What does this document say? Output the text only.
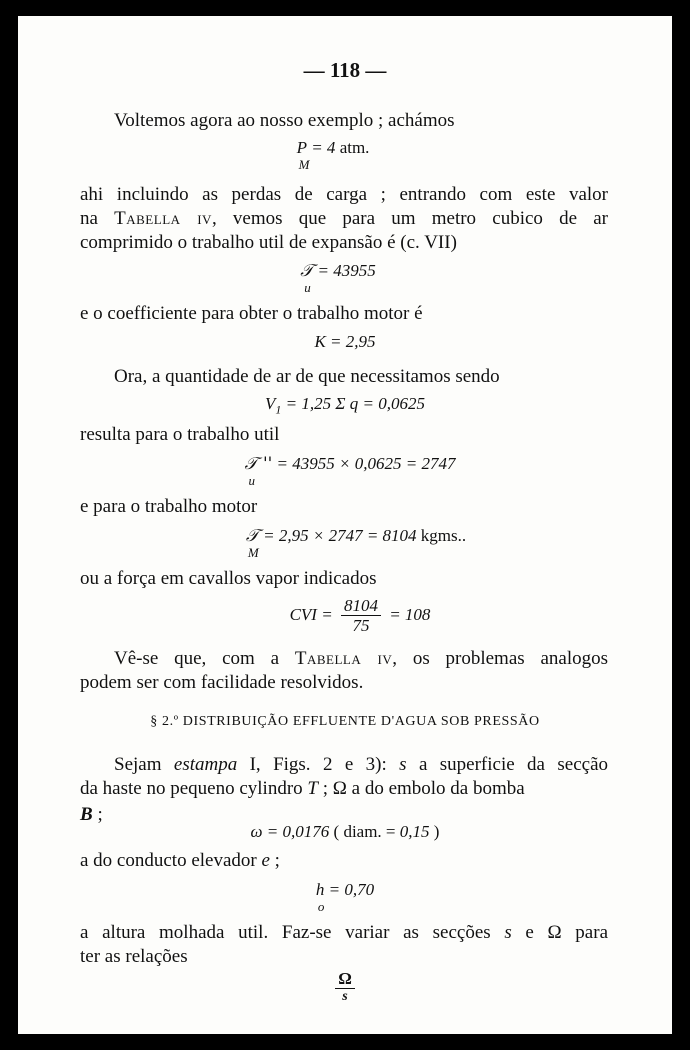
— 118 —
Voltemos agora ao nosso exemplo ; achámos
P
M
= 4 atm.
ahi incluindo as perdas de carga ; entrando com este valor
na Tabella iv, vemos que para um metro cubico de ar
comprimido o trabalho util de expansão é (c. VII)
𝒯
u
= 43955
e o coefficiente para obter o trabalho motor é
K = 2,95
Ora, a quantidade de ar de que necessitamos sendo
$V_1 = 1,25$ Σ q = 0,0625
resulta para o trabalho util
𝒯 ''
u
= 43955 × 0,0625 = 2747
e para o trabalho motor
𝒯
M
= 2,95 × 2747 = 8104 kgms..
ou a força em cavallos vapor indicados
CVI = $\frac{8104}{75} = 108$
Vê-se que, com a Tabella iv, os problemas analogos
podem ser com facilidade resolvidos.
§ 2.º DISTRIBUIÇÃO EFFLUENTE D'AGUA SOB PRESSÃO
Sejam estampa I, Figs. 2 e 3): s a superficie da secção
da haste no pequeno cylindro T ; Ω a do embolo da bomba
B ;
ω = 0,0176 ( diam. = 0,15 )
a do conducto elevador e ;
h
o
= 0,70
a altura molhada util. Faz-se variar as secções s e Ω para
ter as relações
$\frac{\Omega}{s}$
